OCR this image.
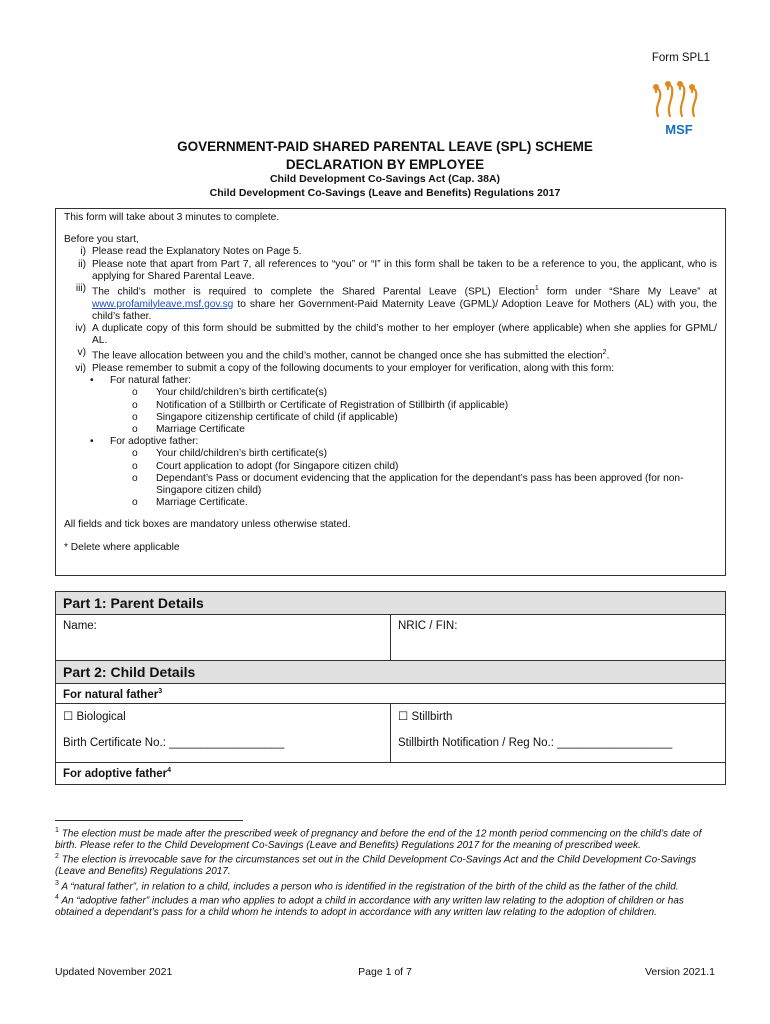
Form SPL1
MSF
GOVERNMENT-PAID SHARED PARENTAL LEAVE (SPL) SCHEME
DECLARATION BY EMPLOYEE
Child Development Co-Savings Act (Cap. 38A)
Child Development Co-Savings (Leave and Benefits) Regulations 2017

This form will take about 3 minutes to complete.

Before you start,

i) Please read the Explanatory Notes on Page 5.
ii) Please note that apart from Part 7, all references to “you” or “I” in this form shall be taken to be a reference to you, the applicant, who is applying for Shared Parental Leave.
iii) The child’s mother is required to complete the Shared Parental Leave (SPL) Election$^1$ form under “Share My Leave” at www.profamilyleave.msf.gov.sg to share her Government-Paid Maternity Leave (GPML)/ Adoption Leave for Mothers (AL) with you, the child’s father.
iv) A duplicate copy of this form should be submitted by the child’s mother to her employer (where applicable) when she applies for GPML/ AL.
v) The leave allocation between you and the child’s mother, cannot be changed once she has submitted the election$^2$.
vi) Please remember to submit a copy of the following documents to your employer for verification, along with this form:
•	For natural father:
o	Your child/children’s birth certificate(s)
o	Notification of a Stillbirth or Certificate of Registration of Stillbirth (if applicable)
o	Singapore citizenship certificate of child (if applicable)
o	Marriage Certificate
•	For adoptive father:
o	Your child/children’s birth certificate(s)
o	Court application to adopt (for Singapore citizen child)
o	Dependant’s Pass or document evidencing that the application for the dependant’s pass has been approved (for non-Singapore citizen child)
o	Marriage Certificate.

All fields and tick boxes are mandatory unless otherwise stated.

* Delete where applicable

Part 1: Parent Details
Name:	NRIC / FIN:
Part 2: Child Details
For natural father$^3$
☐ Biological
Birth Certificate No.: __________________
☐ Stillbirth
Stillbirth Notification / Reg No.: __________________
For adoptive father$^4$

$^1$ The election must be made after the prescribed week of pregnancy and before the end of the 12 month period commencing on the child’s date of birth. Please refer to the Child Development Co-Savings (Leave and Benefits) Regulations 2017 for the meaning of prescribed week.

$^2$ The election is irrevocable save for the circumstances set out in the Child Development Co-Savings Act and the Child Development Co-Savings (Leave and Benefits) Regulations 2017.

$^3$ A “natural father”, in relation to a child, includes a person who is identified in the registration of the birth of the child as the father of the child.

$^4$ An “adoptive father” includes a man who applies to adopt a child in accordance with any written law relating to the adoption of children or has obtained a dependant’s pass for a child whom he intends to adopt in accordance with any written law relating to the adoption of children.

Updated November 2021	Page 1 of 7	Version 2021.1
